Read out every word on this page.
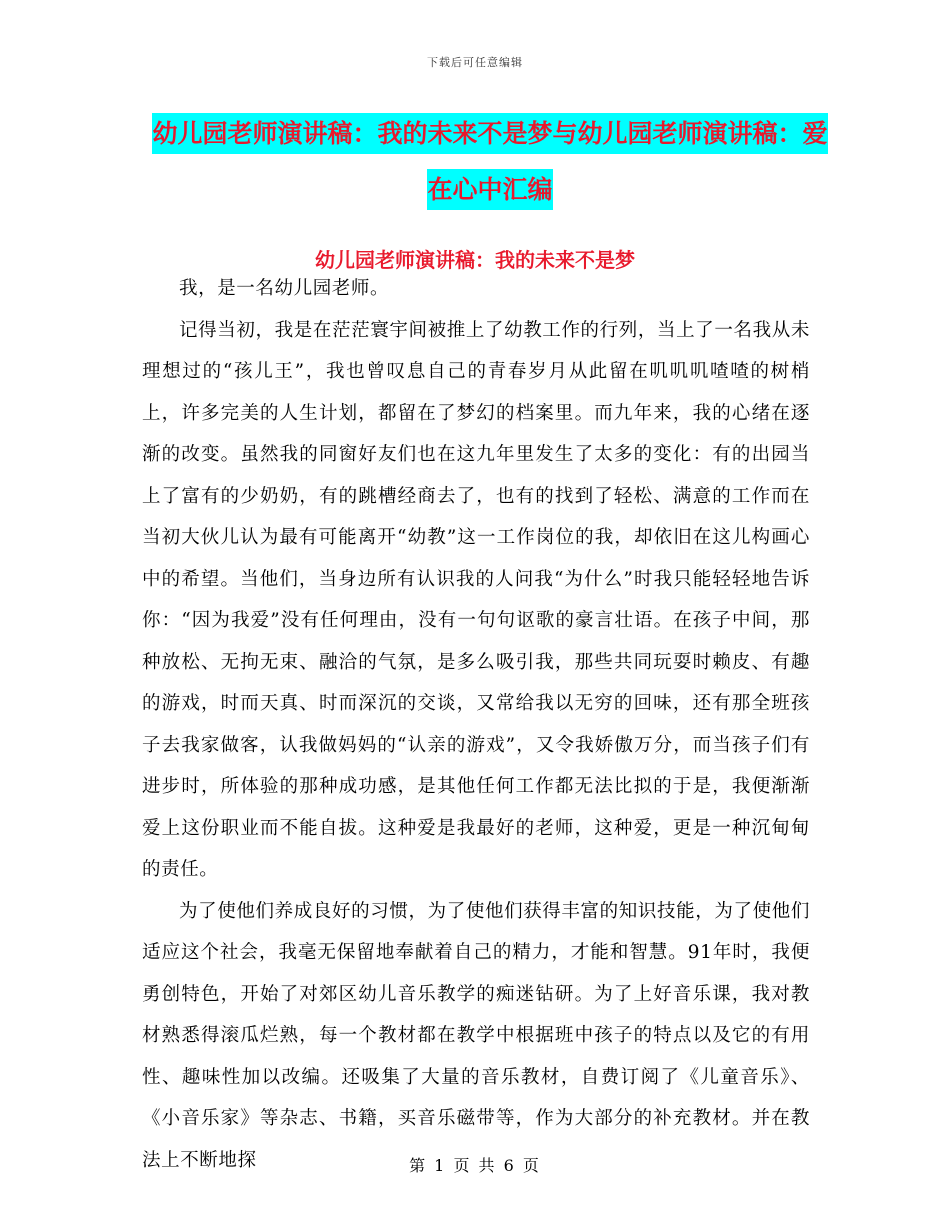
下载后可任意编辑
幼儿园老师演讲稿：我的未来不是梦与幼儿园老师演讲稿：爱在心中汇编
幼儿园老师演讲稿：我的未来不是梦

我，是一名幼儿园老师。

记得当初，我是在茫茫寰宇间被推上了幼教工作的行列，当上了一名我从未理想过的“孩儿王”，我也曾叹息自己的青春岁月从此留在叽叽叽喳喳的树梢上，许多完美的人生计划，都留在了梦幻的档案里。而九年来，我的心绪在逐渐的改变。虽然我的同窗好友们也在这九年里发生了太多的变化：有的出园当上了富有的少奶奶，有的跳槽经商去了，也有的找到了轻松、满意的工作而在当初大伙儿认为最有可能离开“幼教”这一工作岗位的我，却依旧在这儿构画心中的希望。当他们，当身边所有认识我的人问我“为什么”时我只能轻轻地告诉你：“因为我爱”没有任何理由，没有一句句讴歌的豪言壮语。在孩子中间，那种放松、无拘无束、融洽的气氛，是多么吸引我，那些共同玩耍时赖皮、有趣的游戏，时而天真、时而深沉的交谈，又常给我以无穷的回味，还有那全班孩子去我家做客，认我做妈妈的“认亲的游戏”，又令我娇傲万分，而当孩子们有进步时，所体验的那种成功感，是其他任何工作都无法比拟的于是，我便渐渐爱上这份职业而不能自拔。这种爱是我最好的老师，这种爱，更是一种沉甸甸的责任。

为了使他们养成良好的习惯，为了使他们获得丰富的知识技能，为了使他们适应这个社会，我毫无保留地奉献着自己的精力，才能和智慧。91年时，我便勇创特色，开始了对郊区幼儿音乐教学的痴迷钻研。为了上好音乐课，我对教材熟悉得滚瓜烂熟，每一个教材都在教学中根据班中孩子的特点以及它的有用性、趣味性加以改编。还吸集了大量的音乐教材，自费订阅了《儿童音乐》、《小音乐家》等杂志、书籍，买音乐磁带等，作为大部分的补充教材。并在教法上不断地探	第 1 页 共 6 页
